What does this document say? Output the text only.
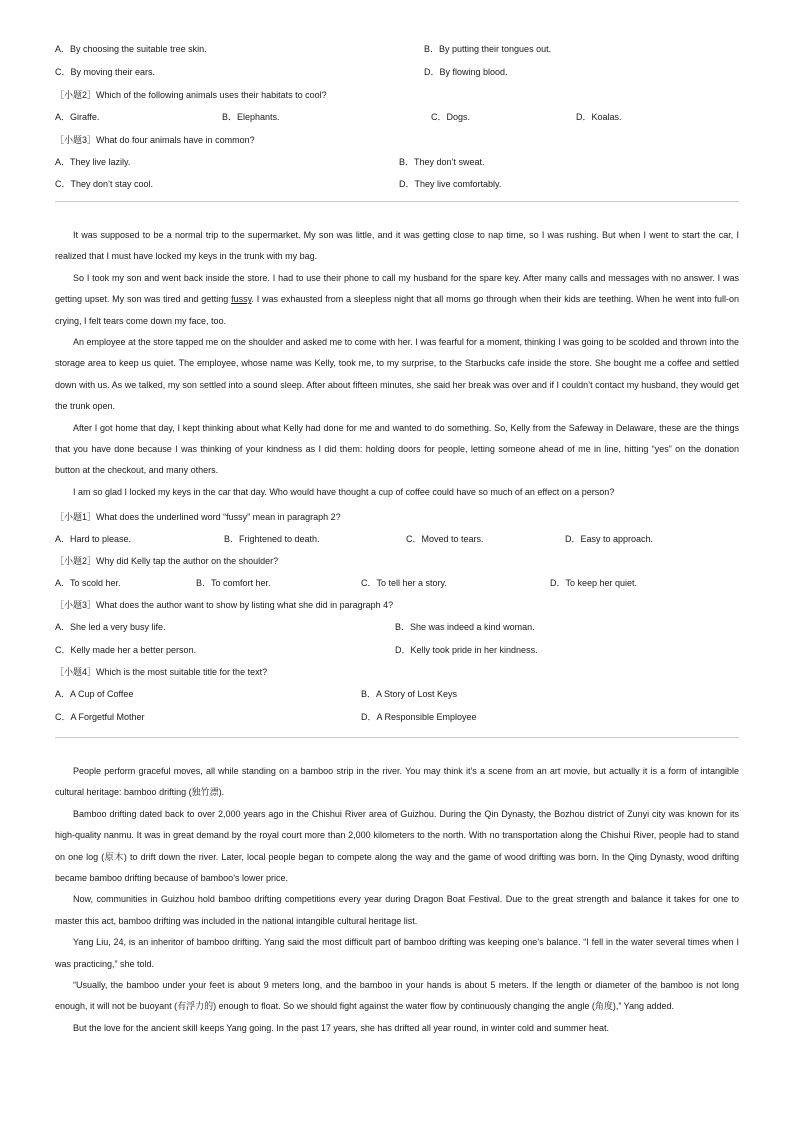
A．By choosing the suitable tree skin.	B．By putting their tongues out.
C．By moving their ears.	D．By flowing blood.
［小题2］Which of the following animals uses their habitats to cool?
A．Giraffe.	B．Elephants.	C．Dogs.	D．Koalas.
［小题3］What do four animals have in common?
A．They live lazily.	B．They don’t sweat.
C．They don’t stay cool.	D．They live comfortably.

It was supposed to be a normal trip to the supermarket. My son was little, and it was getting close to nap time, so I was rushing. But when I went to start the car, I realized that I must have locked my keys in the trunk with my bag.

So I took my son and went back inside the store. I had to use their phone to call my husband for the spare key. After many calls and messages with no answer. I was getting upset. My son was tired and getting fussy. I was exhausted from a sleepless night that all moms go through when their kids are teething. When he went into full-on crying, I felt tears come down my face, too.

An employee at the store tapped me on the shoulder and asked me to come with her. I was fearful for a moment, thinking I was going to be scolded and thrown into the storage area to keep us quiet. The employee, whose name was Kelly, took me, to my surprise, to the Starbucks cafe inside the store. She bought me a coffee and settled down with us. As we talked, my son settled into a sound sleep. After about fifteen minutes, she said her break was over and if I couldn’t contact my husband, they would get the trunk open.

After I got home that day, I kept thinking about what Kelly had done for me and wanted to do something. So, Kelly from the Safeway in Delaware, these are the things that you have done because I was thinking of your kindness as I did them: holding doors for people, letting someone ahead of me in line, hitting “yes” on the donation button at the checkout, and many others.

I am so glad I locked my keys in the car that day. Who would have thought a cup of coffee could have so much of an effect on a person?

［小题1］What does the underlined word “fussy” mean in paragraph 2?
A．Hard to please.	B．Frightened to death.	C．Moved to tears.	D．Easy to approach.
［小题2］Why did Kelly tap the author on the shoulder?
A．To scold her.	B．To comfort her.	C．To tell her a story.	D．To keep her quiet.
［小题3］What does the author want to show by listing what she did in paragraph 4?
A．She led a very busy life.	B．She was indeed a kind woman.
C．Kelly made her a better person.	D．Kelly took pride in her kindness.
［小题4］Which is the most suitable title for the text?
A．A Cup of Coffee	B．A Story of Lost Keys
C．A Forgetful Mother	D．A Responsible Employee

People perform graceful moves, all while standing on a bamboo strip in the river. You may think it’s a scene from an art movie, but actually it is a form of intangible cultural heritage: bamboo drifting (独竹漂).

Bamboo drifting dated back to over 2,000 years ago in the Chishui River area of Guizhou. During the Qin Dynasty, the Bozhou district of Zunyi city was known for its high-quality nanmu. It was in great demand by the royal court more than 2,000 kilometers to the north. With no transportation along the Chishui River, people had to stand on one log (原木) to drift down the river. Later, local people began to compete along the way and the game of wood drifting was born. In the Qing Dynasty, wood drifting became bamboo drifting because of bamboo’s lower price.

Now, communities in Guizhou hold bamboo drifting competitions every year during Dragon Boat Festival. Due to the great strength and balance it takes for one to master this act, bamboo drifting was included in the national intangible cultural heritage list.

Yang Liu, 24, is an inheritor of bamboo drifting. Yang said the most difficult part of bamboo drifting was keeping one’s balance. “I fell in the water several times when I was practicing,” she told.

“Usually, the bamboo under your feet is about 9 meters long, and the bamboo in your hands is about 5 meters. If the length or diameter of the bamboo is not long enough, it will not be buoyant (有浮力的) enough to float. So we should fight against the water flow by continuously changing the angle (角度),” Yang added.

But the love for the ancient skill keeps Yang going. In the past 17 years, she has drifted all year round, in winter cold and summer heat.
